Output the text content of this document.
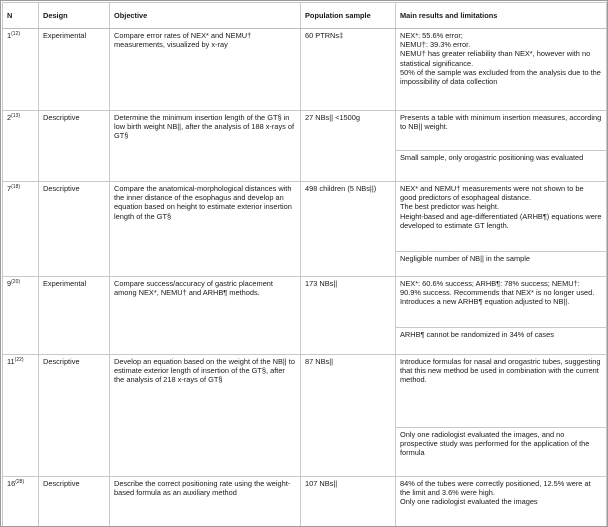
N	Design	Objective	Population sample	Main results and limitations
1$^{(12)}$	Experimental	Compare error rates of NEX* and NEMU† measurements, visualized by x-ray	60 PTRNs‡	NEX*: 55.6% error;
NEMU†: 39.3% error.
NEMU† has greater reliability than NEX*, however with no statistical significance.
50% of the sample was excluded from the analysis due to the impossibility of data collection

2$^{(13)}$	Descriptive	Determine the minimum insertion length of the GT§ in low birth weight NB||, after the analysis of 188 x-rays of GT§	27 NBs|| <1500g	Presents a table with minimum insertion measures, according to NB|| weight.
Small sample, only orogastric positioning was evaluated

7$^{(18)}$	Descriptive	Compare the anatomical-morphological distances with the inner distance of the esophagus and develop an equation based on height to estimate exterior insertion length of the GT§	498 children (5 NBs||)	NEX* and NEMU† measurements were not shown to be good predictors of esophageal distance.
The best predictor was height.
Height-based and age-differentiated (ARHB¶) equations were developed to estimate GT length.
Negligible number of NB|| in the sample

9$^{(20)}$	Experimental	Compare success/accuracy of gastric placement among NEX*, NEMU† and ARHB¶ methods.	173 NBs||	NEX*: 60.6% success; ARHB¶: 78% success; NEMU†: 90.9% success. Recommends that NEX* is no longer used. Introduces a new ARHB¶ equation adjusted to NB||.
ARHB¶ cannot be randomized in 34% of cases

11$^{(22)}$	Descriptive	Develop an equation based on the weight of the NB|| to estimate exterior length of insertion of the GT§, after the analysis of 218 x-rays of GT§	87 NBs||	Introduce formulas for nasal and orogastric tubes, suggesting that this new method be used in combination with the current method.
Only one radiologist evaluated the images, and no prospective study was performed for the application of the formula

16$^{(28)}$	Descriptive	Describe the correct positioning rate using the weight-based formula as an auxiliary method	107 NBs||	84% of the tubes were correctly positioned, 12.5% were at the limit and 3.6% were high.
Only one radiologist evaluated the images
